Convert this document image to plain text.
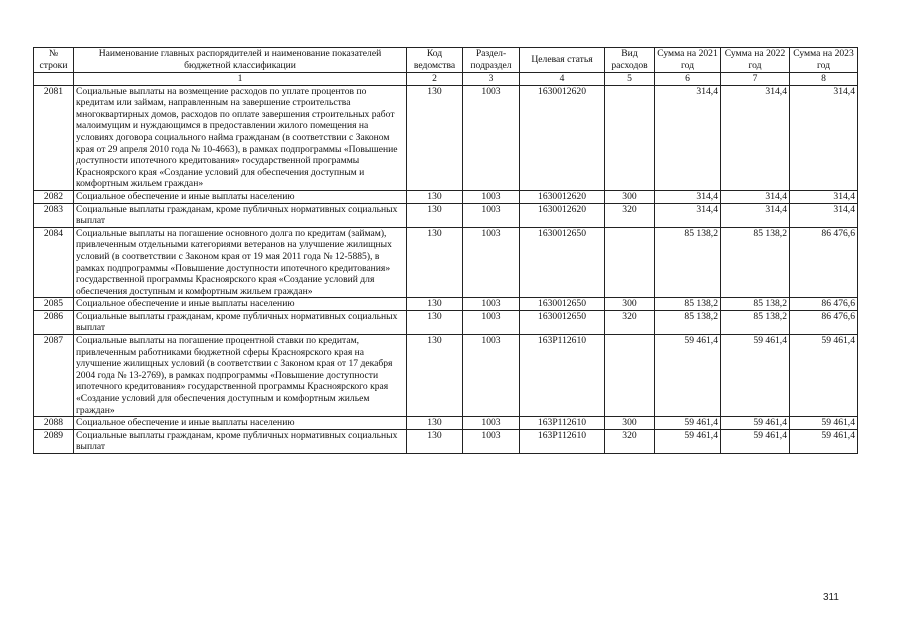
№ строки	Наименование главных распорядителей и наименование показателей бюджетной классификации	Код ведомства	Раздел-подраздел	Целевая статья	Вид расходов	Сумма на 2021 год	Сумма на 2022 год	Сумма на 2023 год
	1	2	3	4	5	6	7	8
2081	Социальные выплаты на возмещение расходов по уплате процентов по кредитам или займам, направленным на завершение строительства многоквартирных домов, расходов по оплате завершения строительных работ малоимущим и нуждающимся в предоставлении жилого помещения на условиях договора социального найма гражданам (в соответствии с Законом края от 29 апреля 2010 года № 10-4663), в рамках подпрограммы «Повышение доступности ипотечного кредитования» государственной программы Красноярского края «Создание условий для обеспечения доступным и комфортным жильем граждан»	130	1003	1630012620		314,4	314,4	314,4
2082	Социальное обеспечение и иные выплаты населению	130	1003	1630012620	300	314,4	314,4	314,4
2083	Социальные выплаты гражданам, кроме публичных нормативных социальных выплат	130	1003	1630012620	320	314,4	314,4	314,4
2084	Социальные выплаты на погашение основного долга по кредитам (займам), привлеченным отдельными категориями ветеранов на улучшение жилищных условий (в соответствии с Законом края от 19 мая 2011 года № 12-5885), в рамках подпрограммы «Повышение доступности ипотечного кредитования» государственной программы Красноярского края «Создание условий для обеспечения доступным и комфортным жильем граждан»	130	1003	1630012650		85 138,2	85 138,2	86 476,6
2085	Социальное обеспечение и иные выплаты населению	130	1003	1630012650	300	85 138,2	85 138,2	86 476,6
2086	Социальные выплаты гражданам, кроме публичных нормативных социальных выплат	130	1003	1630012650	320	85 138,2	85 138,2	86 476,6
2087	Социальные выплаты на погашение процентной ставки по кредитам, привлеченным работниками бюджетной сферы Красноярского края на улучшение жилищных условий (в соответствии с Законом края от 17 декабря 2004 года № 13-2769), в рамках подпрограммы «Повышение доступности ипотечного кредитования» государственной программы Красноярского края «Создание условий для обеспечения доступным и комфортным жильем граждан»	130	1003	163P112610		59 461,4	59 461,4	59 461,4
2088	Социальное обеспечение и иные выплаты населению	130	1003	163P112610	300	59 461,4	59 461,4	59 461,4
2089	Социальные выплаты гражданам, кроме публичных нормативных социальных выплат	130	1003	163P112610	320	59 461,4	59 461,4	59 461,4
311
